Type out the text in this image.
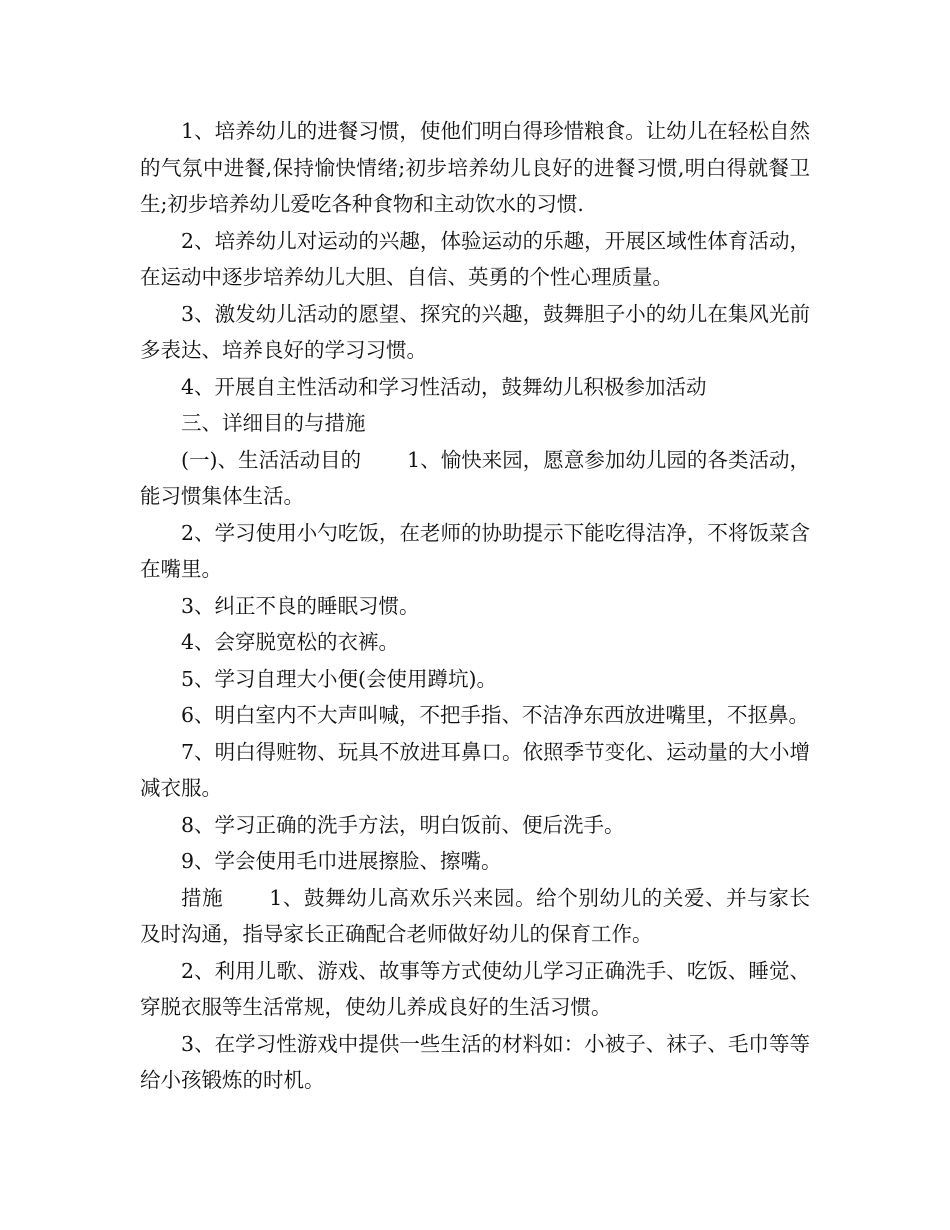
1、培养幼儿的进餐习惯，使他们明白得珍惜粮食。让幼儿在轻松自然的气氛中进餐,保持愉快情绪;初步培养幼儿良好的进餐习惯,明白得就餐卫生;初步培养幼儿爱吃各种食物和主动饮水的习惯.

2、培养幼儿对运动的兴趣，体验运动的乐趣，开展区域性体育活动，在运动中逐步培养幼儿大胆、自信、英勇的个性心理质量。

3、激发幼儿活动的愿望、探究的兴趣，鼓舞胆子小的幼儿在集风光前多表达、培养良好的学习习惯。

4、开展自主性活动和学习性活动，鼓舞幼儿积极参加活动

三、详细目的与措施

(一)、生活活动目的 1、愉快来园，愿意参加幼儿园的各类活动，能习惯集体生活。

2、学习使用小勺吃饭，在老师的协助提示下能吃得洁净，不将饭菜含在嘴里。

3、纠正不良的睡眠习惯。

4、会穿脱宽松的衣裤。

5、学习自理大小便(会使用蹲坑)。

6、明白室内不大声叫喊，不把手指、不洁净东西放进嘴里，不抠鼻。

7、明白得赃物、玩具不放进耳鼻口。依照季节变化、运动量的大小增减衣服。

8、学习正确的洗手方法，明白饭前、便后洗手。

9、学会使用毛巾进展擦脸、擦嘴。

措施 1、鼓舞幼儿高欢乐兴来园。给个别幼儿的关爱、并与家长及时沟通，指导家长正确配合老师做好幼儿的保育工作。

2、利用儿歌、游戏、故事等方式使幼儿学习正确洗手、吃饭、睡觉、穿脱衣服等生活常规，使幼儿养成良好的生活习惯。

3、在学习性游戏中提供一些生活的材料如：小被子、袜子、毛巾等等给小孩锻炼的时机。
